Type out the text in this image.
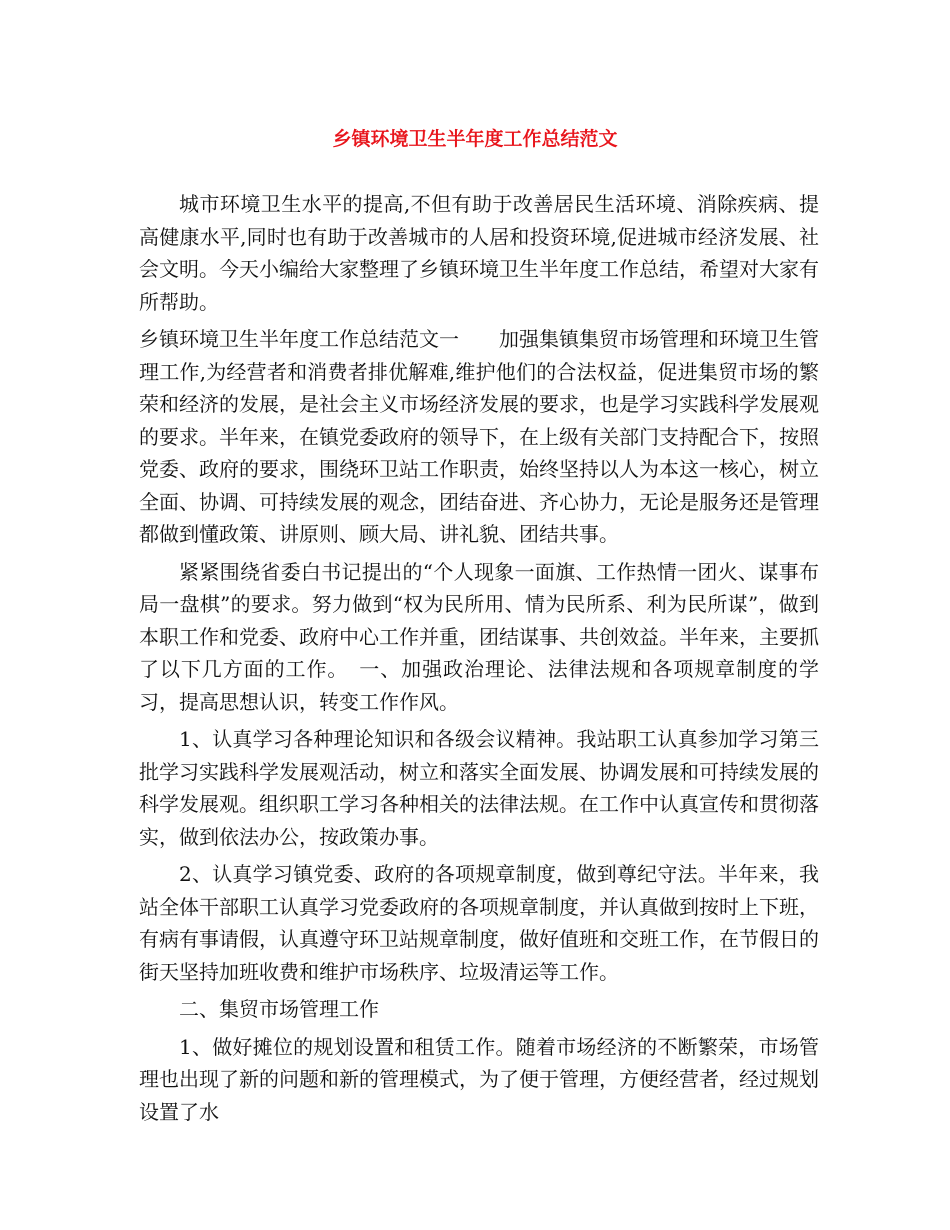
乡镇环境卫生半年度工作总结范文

城市环境卫生水平的提高,不但有助于改善居民生活环境、消除疾病、提高健康水平,同时也有助于改善城市的人居和投资环境,促进城市经济发展、社会文明。今天小编给大家整理了乡镇环境卫生半年度工作总结，希望对大家有所帮助。

乡镇环境卫生半年度工作总结范文一　　加强集镇集贸市场管理和环境卫生管理工作,为经营者和消费者排优解难,维护他们的合法权益，促进集贸市场的繁荣和经济的发展，是社会主义市场经济发展的要求，也是学习实践科学发展观的要求。半年来，在镇党委政府的领导下，在上级有关部门支持配合下，按照党委、政府的要求，围绕环卫站工作职责，始终坚持以人为本这一核心，树立全面、协调、可持续发展的观念，团结奋进、齐心协力，无论是服务还是管理都做到懂政策、讲原则、顾大局、讲礼貌、团结共事。

紧紧围绕省委白书记提出的“个人现象一面旗、工作热情一团火、谋事布局一盘棋”的要求。努力做到“权为民所用、情为民所系、利为民所谋”，做到本职工作和党委、政府中心工作并重，团结谋事、共创效益。半年来，主要抓了以下几方面的工作。　一、加强政治理论、法律法规和各项规章制度的学习，提高思想认识，转变工作作风。

1、认真学习各种理论知识和各级会议精神。我站职工认真参加学习第三批学习实践科学发展观活动，树立和落实全面发展、协调发展和可持续发展的科学发展观。组织职工学习各种相关的法律法规。在工作中认真宣传和贯彻落实，做到依法办公，按政策办事。

2、认真学习镇党委、政府的各项规章制度，做到尊纪守法。半年来，我站全体干部职工认真学习党委政府的各项规章制度，并认真做到按时上下班，有病有事请假，认真遵守环卫站规章制度，做好值班和交班工作，在节假日的街天坚持加班收费和维护市场秩序、垃圾清运等工作。

二、集贸市场管理工作

1、做好摊位的规划设置和租赁工作。随着市场经济的不断繁荣，市场管理也出现了新的问题和新的管理模式，为了便于管理，方便经营者，经过规划设置了水
